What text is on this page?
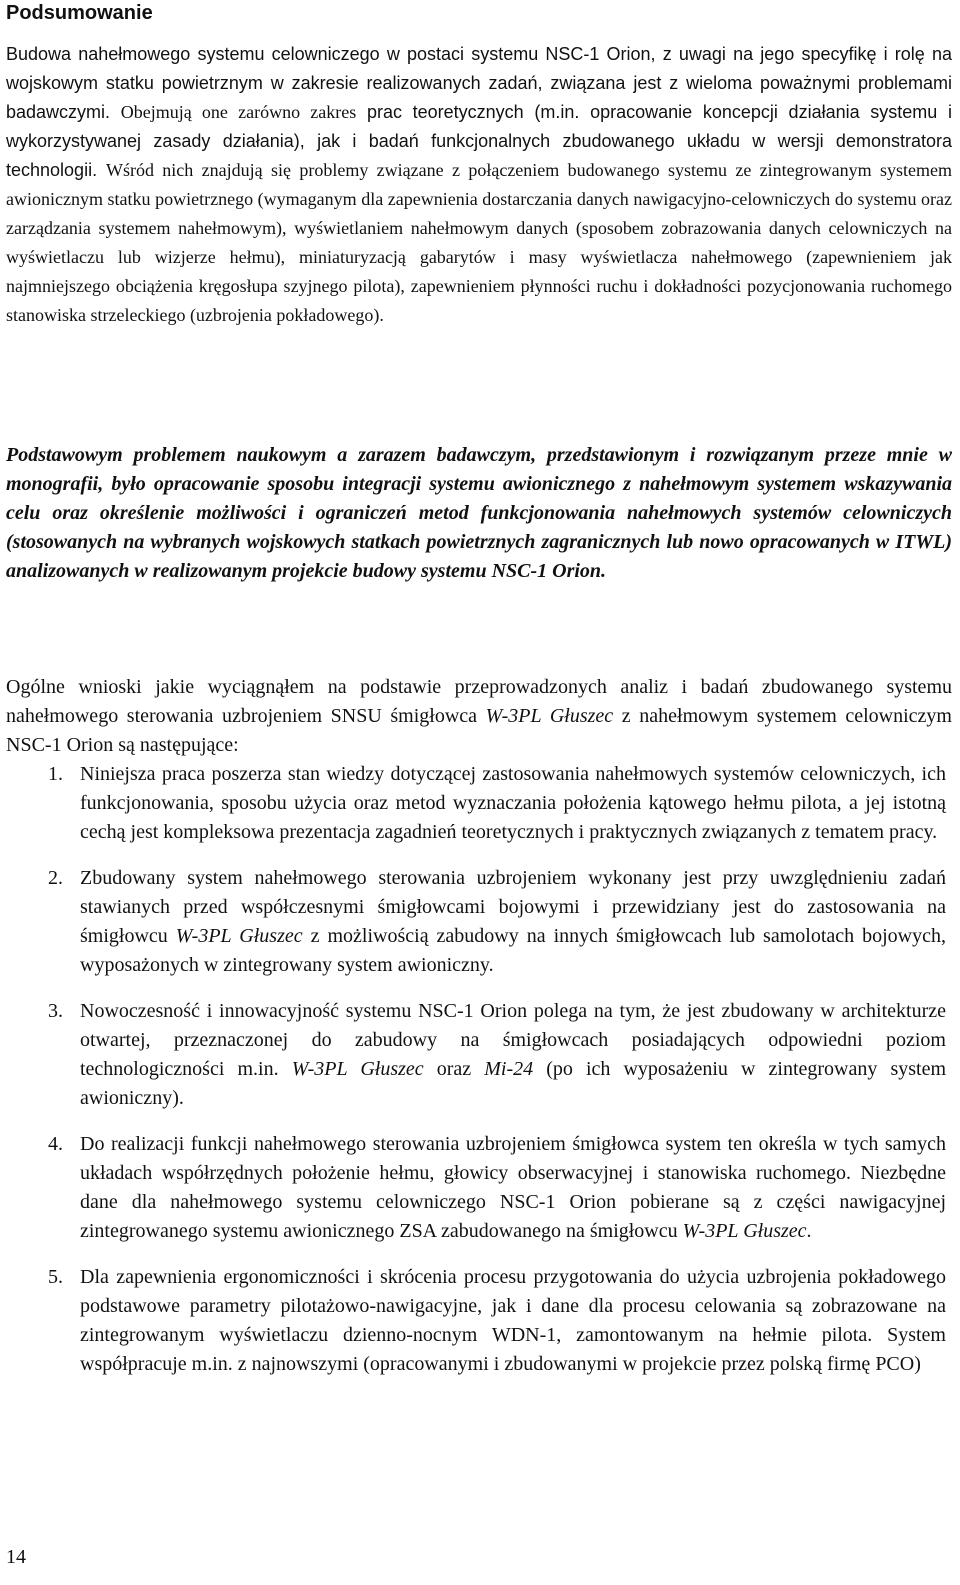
Podsumowanie

Budowa nahełmowego systemu celowniczego w postaci systemu NSC-1 Orion, z uwagi na jego specyfikę i rolę na wojskowym statku powietrznym w zakresie realizowanych zadań, związana jest z wieloma poważnymi problemami badawczymi. Obejmują one zarówno zakres prac teoretycznych (m.in. opracowanie koncepcji działania systemu i wykorzystywanej zasady działania), jak i badań funkcjonalnych zbudowanego układu w wersji demonstratora technologii. Wśród nich znajdują się problemy związane z połączeniem budowanego systemu ze zintegrowanym systemem awionicznym statku powietrznego (wymaganym dla zapewnienia dostarczania danych nawigacyjno-celowniczych do systemu oraz zarządzania systemem nahełmowym), wyświetlaniem nahełmowym danych (sposobem zobrazowania danych celowniczych na wyświetlaczu lub wizjerze hełmu), miniaturyzacją gabarytów i masy wyświetlacza nahełmowego (zapewnieniem jak najmniejszego obciążenia kręgosłupa szyjnego pilota), zapewnieniem płynności ruchu i dokładności pozycjonowania ruchomego stanowiska strzeleckiego (uzbrojenia pokładowego).

Podstawowym problemem naukowym a zarazem badawczym, przedstawionym i rozwiązanym przeze mnie w monografii, było opracowanie sposobu integracji systemu awionicznego z nahełmowym systemem wskazywania celu oraz określenie możliwości i ograniczeń metod funkcjonowania nahełmowych systemów celowniczych (stosowanych na wybranych wojskowych statkach powietrznych zagranicznych lub nowo opracowanych w ITWL) analizowanych w realizowanym projekcie budowy systemu NSC-1 Orion.

Ogólne wnioski jakie wyciągnąłem na podstawie przeprowadzonych analiz i badań zbudowanego systemu nahełmowego sterowania uzbrojeniem SNSU śmigłowca W-3PL Głuszec z nahełmowym systemem celowniczym NSC-1 Orion są następujące:

1. Niniejsza praca poszerza stan wiedzy dotyczącej zastosowania nahełmowych systemów celowniczych, ich funkcjonowania, sposobu użycia oraz metod wyznaczania położenia kątowego hełmu pilota, a jej istotną cechą jest kompleksowa prezentacja zagadnień teoretycznych i praktycznych związanych z tematem pracy.
2. Zbudowany system nahełmowego sterowania uzbrojeniem wykonany jest przy uwzględnieniu zadań stawianych przed współczesnymi śmigłowcami bojowymi i przewidziany jest do zastosowania na śmigłowcu W-3PL Głuszec z możliwością zabudowy na innych śmigłowcach lub samolotach bojowych, wyposażonych w zintegrowany system awioniczny.
3. Nowoczesność i innowacyjność systemu NSC-1 Orion polega na tym, że jest zbudowany w architekturze otwartej, przeznaczonej do zabudowy na śmigłowcach posiadających odpowiedni poziom technologiczności m.in. W-3PL Głuszec oraz Mi-24 (po ich wyposażeniu w zintegrowany system awioniczny).
4. Do realizacji funkcji nahełmowego sterowania uzbrojeniem śmigłowca system ten określa w tych samych układach współrzędnych położenie hełmu, głowicy obserwacyjnej i stanowiska ruchomego. Niezbędne dane dla nahełmowego systemu celowniczego NSC-1 Orion pobierane są z części nawigacyjnej zintegrowanego systemu awionicznego ZSA zabudowanego na śmigłowcu W-3PL Głuszec.
5. Dla zapewnienia ergonomiczności i skrócenia procesu przygotowania do użycia uzbrojenia pokładowego podstawowe parametry pilotażowo-nawigacyjne, jak i dane dla procesu celowania są zobrazowane na zintegrowanym wyświetlaczu dzienno-nocnym WDN-1, zamontowanym na hełmie pilota. System współpracuje m.in. z najnowszymi (opracowanymi i zbudowanymi w projekcie przez polską firmę PCO)
14
